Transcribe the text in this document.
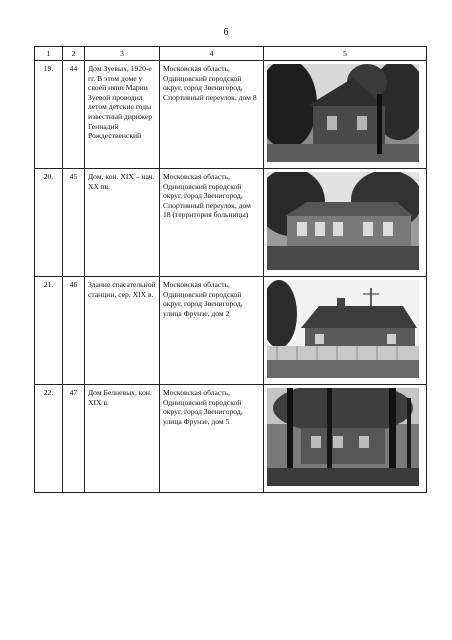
6
1	2	3	4	5
19.	44	Дом Зуевых, 1920-е гг. В этом доме у своей няни Марии Зуевой проводил летом детские годы известный дирижер Геннадий Рождественский	Московская область, Одинцовский городской округ, город Звенигород, Спортивный переулок, дом 8	

20.	45	Дом, кон. XIX – нач. XX вв.	Московская область, Одинцовский городской округ, город Звенигород, Спортивный переулок, дом 18 (территория больницы)	

21.	46	Здание спасательной станции, сер. XIX в.	Московская область, Одинцовский городской округ, город Звенигород, улица Фрунзе, дом 2	

22.	47	Дом Белневых, кон. XIX в.	Московская область, Одинцовский городской округ, город Звенигород, улица Фрунзе, дом 5	
